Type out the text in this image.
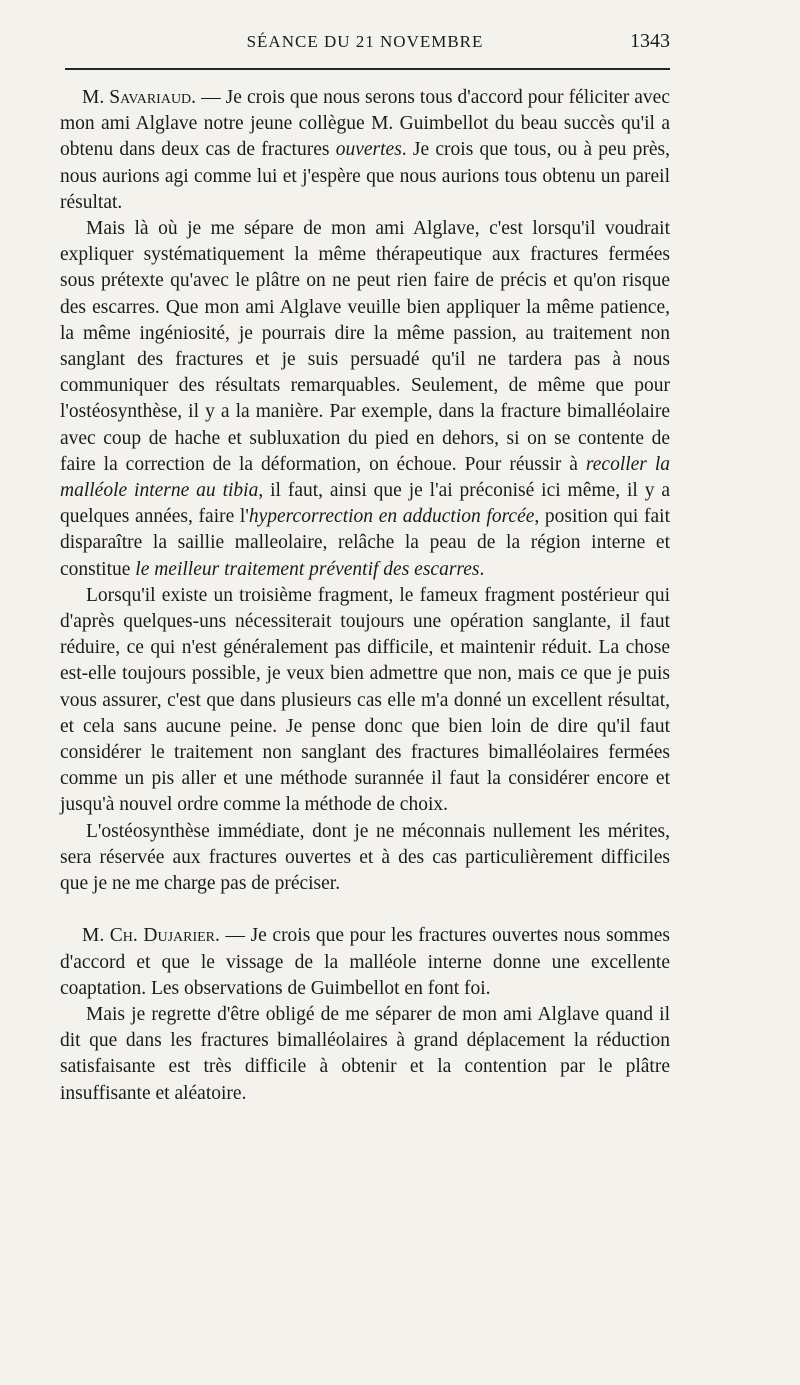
SÉANCE DU 21 NOVEMBRE	1343

M. Savariaud. — Je crois que nous serons tous d'accord pour féliciter avec mon ami Alglave notre jeune collègue M. Guimbellot du beau succès qu'il a obtenu dans deux cas de fractures ouvertes. Je crois que tous, ou à peu près, nous aurions agi comme lui et j'espère que nous aurions tous obtenu un pareil résultat.

Mais là où je me sépare de mon ami Alglave, c'est lorsqu'il voudrait expliquer systématiquement la même thérapeutique aux fractures fermées sous prétexte qu'avec le plâtre on ne peut rien faire de précis et qu'on risque des escarres. Que mon ami Alglave veuille bien appliquer la même patience, la même ingéniosité, je pourrais dire la même passion, au traitement non sanglant des fractures et je suis persuadé qu'il ne tardera pas à nous communiquer des résultats remarquables. Seulement, de même que pour l'ostéosynthèse, il y a la manière. Par exemple, dans la fracture bimalléolaire avec coup de hache et subluxation du pied en dehors, si on se contente de faire la correction de la déformation, on échoue. Pour réussir à recoller la malléole interne au tibia, il faut, ainsi que je l'ai préconisé ici même, il y a quelques années, faire l'hypercorrection en adduction forcée, position qui fait disparaître la saillie malleolaire, relâche la peau de la région interne et constitue le meilleur traitement préventif des escarres.

Lorsqu'il existe un troisième fragment, le fameux fragment postérieur qui d'après quelques-uns nécessiterait toujours une opération sanglante, il faut réduire, ce qui n'est généralement pas difficile, et maintenir réduit. La chose est-elle toujours possible, je veux bien admettre que non, mais ce que je puis vous assurer, c'est que dans plusieurs cas elle m'a donné un excellent résultat, et cela sans aucune peine. Je pense donc que bien loin de dire qu'il faut considérer le traitement non sanglant des fractures bimalléolaires fermées comme un pis aller et une méthode surannée il faut la considérer encore et jusqu'à nouvel ordre comme la méthode de choix.

L'ostéosynthèse immédiate, dont je ne méconnais nullement les mérites, sera réservée aux fractures ouvertes et à des cas particulièrement difficiles que je ne me charge pas de préciser.

M. Ch. Dujarier. — Je crois que pour les fractures ouvertes nous sommes d'accord et que le vissage de la malléole interne donne une excellente coaptation. Les observations de Guimbellot en font foi.

Mais je regrette d'être obligé de me séparer de mon ami Alglave quand il dit que dans les fractures bimalléolaires à grand déplacement la réduction satisfaisante est très difficile à obtenir et la contention par le plâtre insuffisante et aléatoire.
